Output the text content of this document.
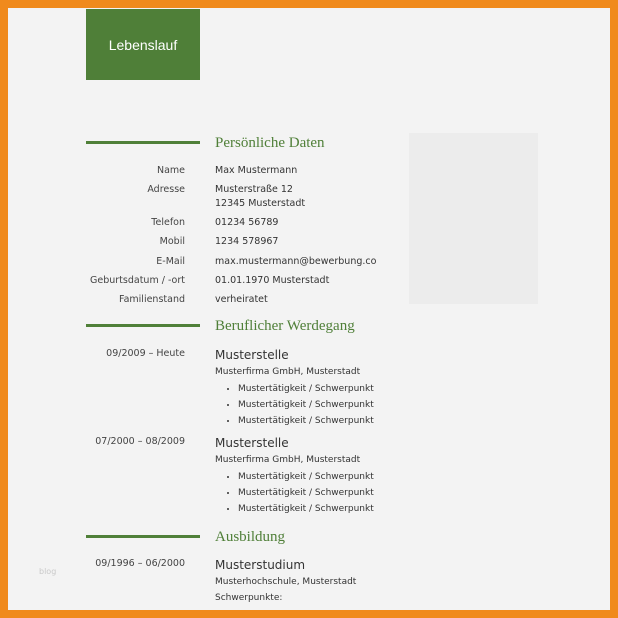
Lebenslauf
Persönliche Daten
Name	Max Mustermann
Adresse	Musterstraße 12
12345 Musterstadt
Telefon	01234 56789
Mobil	1234 578967
E-Mail	max.mustermann@bewerbung.co
Geburtsdatum / -ort	01.01.1970 Musterstadt
Familienstand	verheiratet
Beruflicher Werdegang
09/2009 – Heute	Musterstelle
Musterfirma GmbH, Musterstadt
• Mustertätigkeit / Schwerpunkt
• Mustertätigkeit / Schwerpunkt
• Mustertätigkeit / Schwerpunkt
07/2000 – 08/2009	Musterstelle
Musterfirma GmbH, Musterstadt
• Mustertätigkeit / Schwerpunkt
• Mustertätigkeit / Schwerpunkt
• Mustertätigkeit / Schwerpunkt
Ausbildung
09/1996 – 06/2000	Musterstudium
Musterhochschule, Musterstadt
Schwerpunkte:
blog
